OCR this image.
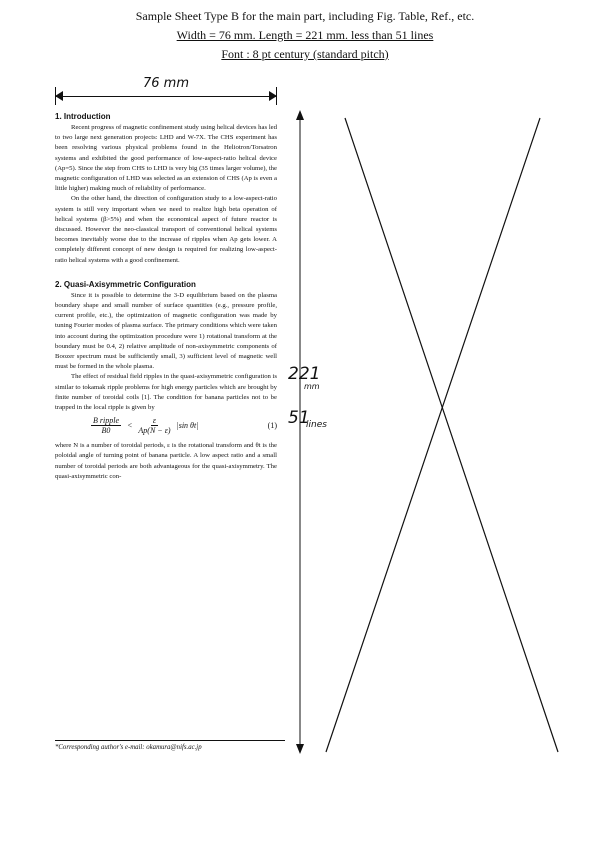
Sample Sheet Type B for the main part, including Fig. Table, Ref., etc.
Width = 76 mm. Length = 221 mm. less than 51 lines
Font : 8 pt century (standard pitch)
76 mm
221
mm
51
lines
1. Introduction

Recent progress of magnetic confinement study using helical devices has led to two large next generation projects: LHD and W-7X. The CHS experiment has been resolving various physical problems found in the Heliotron/Torsatron systems and exhibited the good performance of low-aspect-ratio helical device (Ap=5). Since the step from CHS to LHD is very big (35 times larger volume), the magnetic configuration of LHD was selected as an extension of CHS (Ap is even a little higher) making much of reliability of performance.

On the other hand, the direction of configuration study to a low-aspect-ratio system is still very important when we need to realize high beta operation of helical systems (β>5%) and when the economical aspect of future reactor is discussed. However the neo-classical transport of conventional helical systems becomes inevitably worse due to the increase of ripples when Ap gets lower. A completely different concept of new design is required for realizing low-aspect-ratio helical systems with a good confinement.

2. Quasi-Axisymmetric Configuration

Since it is possible to determine the 3-D equilibrium based on the plasma boundary shape and small number of surface quantities (e.g., pressure profile, current profile, etc.), the optimization of magnetic configuration was made by tuning Fourier modes of plasma surface. The primary conditions which were taken into account during the optimization procedure were 1) rotational transform at the boundary must be 0.4, 2) relative amplitude of non-axisymmetric components of Boozer spectrum must be sufficiently small, 3) sufficient level of magnetic well must be formed in the whole plasma.

The effect of residual field ripples in the quasi-axisymmetric configuration is similar to tokamak ripple problems for high energy particles which are brought by finite number of toroidal coils [1]. The condition for banana particles not to be trapped in the local ripple is given by

$\frac{\text{B ripple}}{B0} < \frac{\varepsilon}{Ap(N - \varepsilon)} |\sin$ θt|	(1)

where N is a number of toroidal periods, ε is the rotational transform and θt is the poloidal angle of turning point of banana particle. A low aspect ratio and a small number of toroidal periods are both advantageous for the quasi-axisymmetry. The quasi-axisymmetric con-

*Corresponding author's e-mail: okamura@nifs.ac.jp
